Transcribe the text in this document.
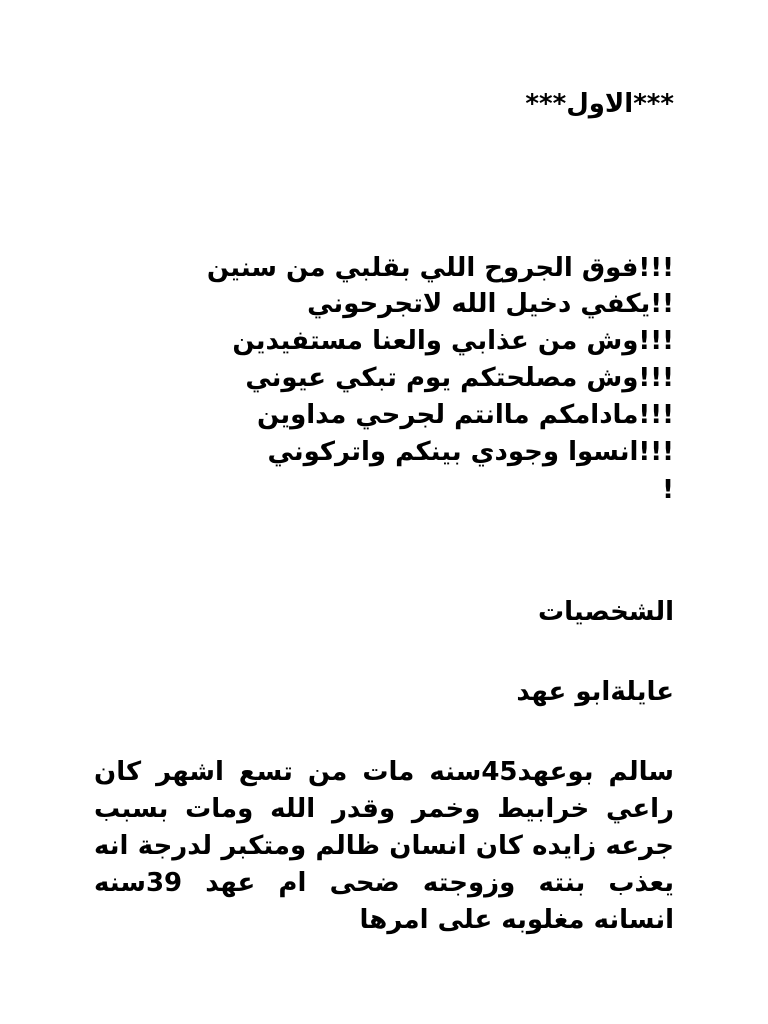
***الاول***
!!!فوق الجروح اللي بقلبي من سنين
!!يكفي دخيل الله لاتجرحوني
!!!وش من عذابي والعنا مستفيدين
!!!وش مصلحتكم يوم تبكي عيوني
!!!مادامكم ماانتم لجرحي مداوين
!!!انسوا وجودي بينكم واتركوني
!
الشخصيات
عايلةابو عهد
سالم بوعهد45سنه مات من تسع اشهر كان راعي خرابيط وخمر وقدر الله ومات بسبب جرعه زايده كان انسان ظالم ومتكبر لدرجة انه يعذب بنته وزوجته ضحى ام عهد 39سنه انسانه مغلوبه على امرها
